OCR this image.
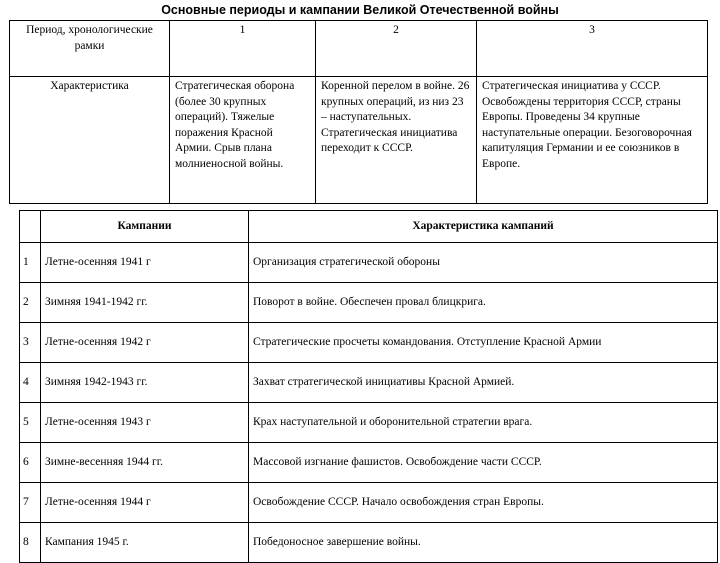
Основные периоды и кампании Великой Отечественной войны
Период, хронологические рамки	1	2	3
Характеристика	Стратегическая оборона (более 30 крупных операций). Тяжелые поражения Красной Армии. Срыв плана молниеносной войны.	Коренной перелом в войне. 26 крупных операций, из низ 23 – наступательных. Стратегическая инициатива переходит к СССР.	Стратегическая инициатива у СССР. Освобождены территория СССР, страны Европы. Проведены 34 крупные наступательные операции. Безоговорочная капитуляция Германии и ее союзников в Европе.
	Кампании	Характеристика кампаний
1	Летне-осенняя 1941 г	Организация стратегической обороны
2	Зимняя 1941-1942 гг.	Поворот в войне. Обеспечен провал блицкрига.
3	Летне-осенняя 1942 г	Стратегические просчеты командования. Отступление Красной Армии
4	Зимняя 1942-1943 гг.	Захват стратегической инициативы Красной Армией.
5	Летне-осенняя 1943 г	Крах наступательной и оборонительной стратегии врага.
6	Зимне-весенняя 1944 гг.	Массовой изгнание фашистов. Освобождение части СССР.
7	Летне-осенняя 1944 г	Освобождение СССР. Начало освобождения стран Европы.
8	Кампания 1945 г.	Победоносное завершение войны.
